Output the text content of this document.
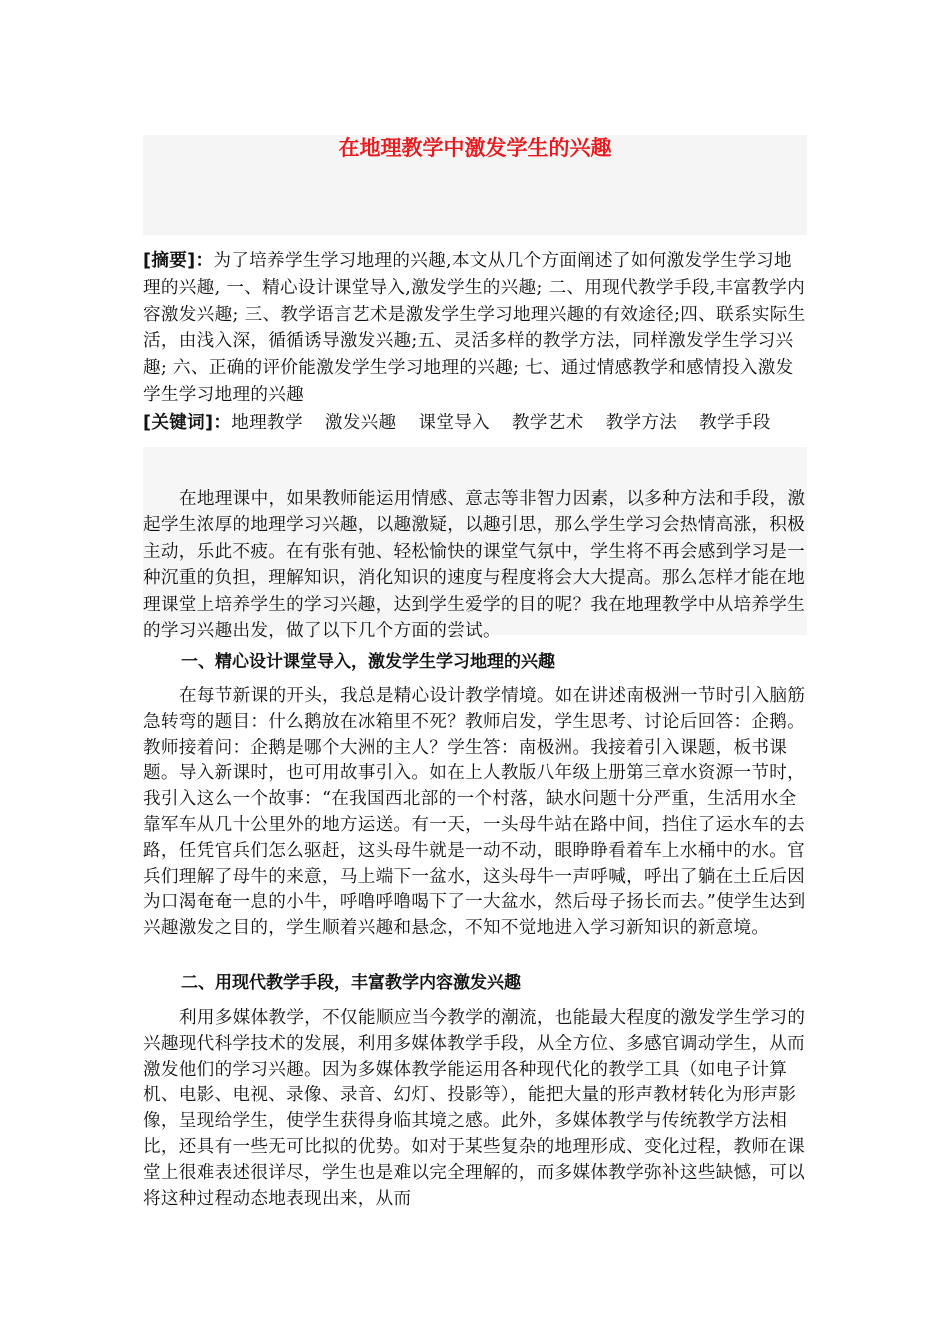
在地理教学中激发学生的兴趣
[摘要]：为了培养学生学习地理的兴趣,本文从几个方面阐述了如何激发学生学习地理的兴趣, 一、精心设计课堂导入,激发学生的兴趣; 二、用现代教学手段,丰富教学内容激发兴趣; 三、教学语言艺术是激发学生学习地理兴趣的有效途径;四、联系实际生活，由浅入深，循循诱导激发兴趣;五、灵活多样的教学方法，同样激发学生学习兴趣; 六、正确的评价能激发学生学习地理的兴趣; 七、通过情感教学和感情投入激发学生学习地理的兴趣
[关键词]：地理教学 激发兴趣 课堂导入 教学艺术 教学方法 教学手段
在地理课中，如果教师能运用情感、意志等非智力因素，以多种方法和手段，激起学生浓厚的地理学习兴趣，以趣激疑，以趣引思，那么学生学习会热情高涨，积极主动，乐此不疲。在有张有弛、轻松愉快的课堂气氛中，学生将不再会感到学习是一种沉重的负担，理解知识，消化知识的速度与程度将会大大提高。那么怎样才能在地理课堂上培养学生的学习兴趣，达到学生爱学的目的呢？我在地理教学中从培养学生的学习兴趣出发，做了以下几个方面的尝试。
一、精心设计课堂导入，激发学生学习地理的兴趣
在每节新课的开头，我总是精心设计教学情境。如在讲述南极洲一节时引入脑筋急转弯的题目：什么鹅放在冰箱里不死？教师启发，学生思考、讨论后回答：企鹅。教师接着问：企鹅是哪个大洲的主人？学生答：南极洲。我接着引入课题，板书课题。导入新课时，也可用故事引入。如在上人教版八年级上册第三章水资源一节时，我引入这么一个故事：“在我国西北部的一个村落，缺水问题十分严重，生活用水全靠军车从几十公里外的地方运送。有一天，一头母牛站在路中间，挡住了运水车的去路，任凭官兵们怎么驱赶，这头母牛就是一动不动，眼睁睁看着车上水桶中的水。官兵们理解了母牛的来意，马上端下一盆水，这头母牛一声呼喊，呼出了躺在土丘后因为口渴奄奄一息的小牛，呼噜呼噜喝下了一大盆水，然后母子扬长而去。”使学生达到兴趣激发之目的，学生顺着兴趣和悬念，不知不觉地进入学习新知识的新意境。
二、用现代教学手段，丰富教学内容激发兴趣
利用多媒体教学，不仅能顺应当今教学的潮流，也能最大程度的激发学生学习的兴趣现代科学技术的发展，利用多媒体教学手段，从全方位、多感官调动学生，从而激发他们的学习兴趣。因为多媒体教学能运用各种现代化的教学工具（如电子计算机、电影、电视、录像、录音、幻灯、投影等），能把大量的形声教材转化为形声影像，呈现给学生，使学生获得身临其境之感。此外，多媒体教学与传统教学方法相比，还具有一些无可比拟的优势。如对于某些复杂的地理形成、变化过程，教师在课堂上很难表述很详尽，学生也是难以完全理解的，而多媒体教学弥补这些缺憾，可以将这种过程动态地表现出来，从而
